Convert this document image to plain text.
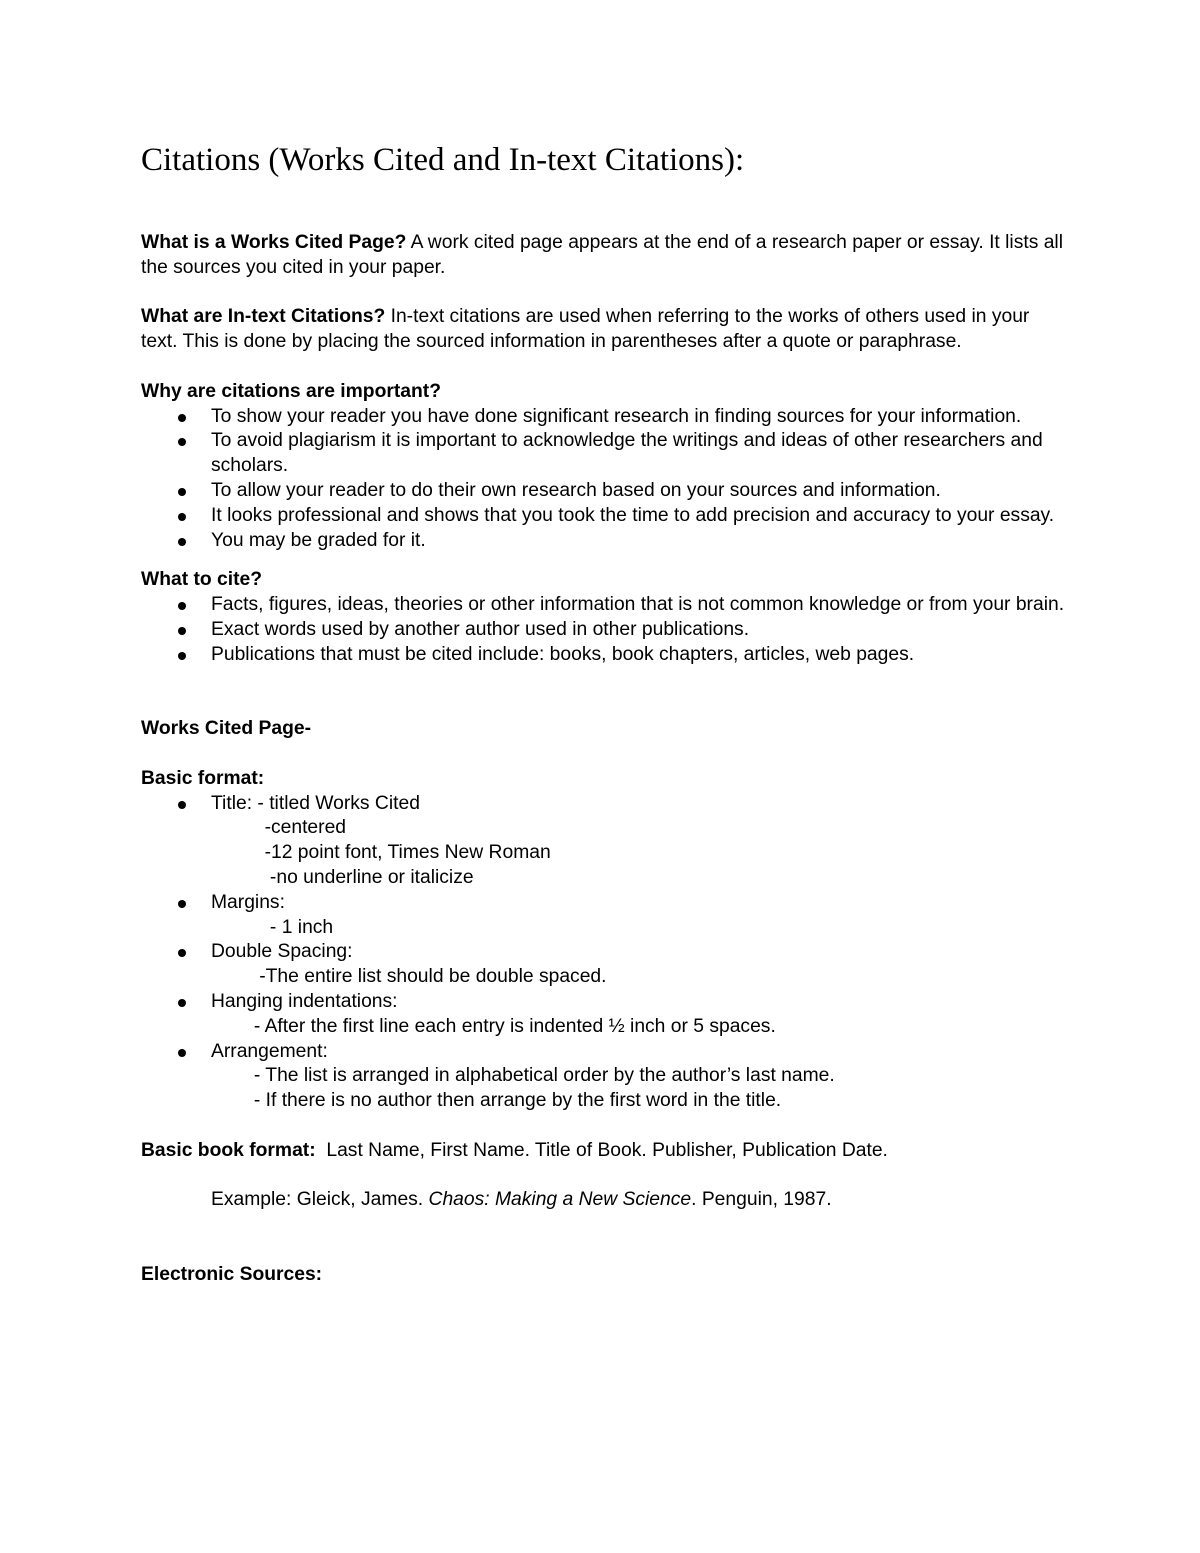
Citations (Works Cited and In-text Citations):

What is a Works Cited Page? A work cited page appears at the end of a research paper or essay. It lists all the sources you cited in your paper.

What are In-text Citations? In-text citations are used when referring to the works of others used in your text. This is done by placing the sourced information in parentheses after a quote or paraphrase.

Why are citations are important?

To show your reader you have done significant research in finding sources for your information.
To avoid plagiarism it is important to acknowledge the writings and ideas of other researchers and scholars.
To allow your reader to do their own research based on your sources and information.
It looks professional and shows that you took the time to add precision and accuracy to your essay.
You may be graded for it.

What to cite?

Facts, figures, ideas, theories or other information that is not common knowledge or from your brain.
Exact words used by another author used in other publications.
Publications that must be cited include: books, book chapters, articles, web pages.

Works Cited Page-

Basic format:

Title: - titled Works Cited
-centered
-12 point font, Times New Roman
-no underline or italicize
Margins:
- 1 inch
Double Spacing:
-The entire list should be double spaced.
Hanging indentations:
- After the first line each entry is indented ½ inch or 5 spaces.
Arrangement:
- The list is arranged in alphabetical order by the author’s last name.
- If there is no author then arrange by the first word in the title.

Basic book format:  Last Name, First Name. Title of Book. Publisher, Publication Date.

Example: Gleick, James. Chaos: Making a New Science. Penguin, 1987.

Electronic Sources:
